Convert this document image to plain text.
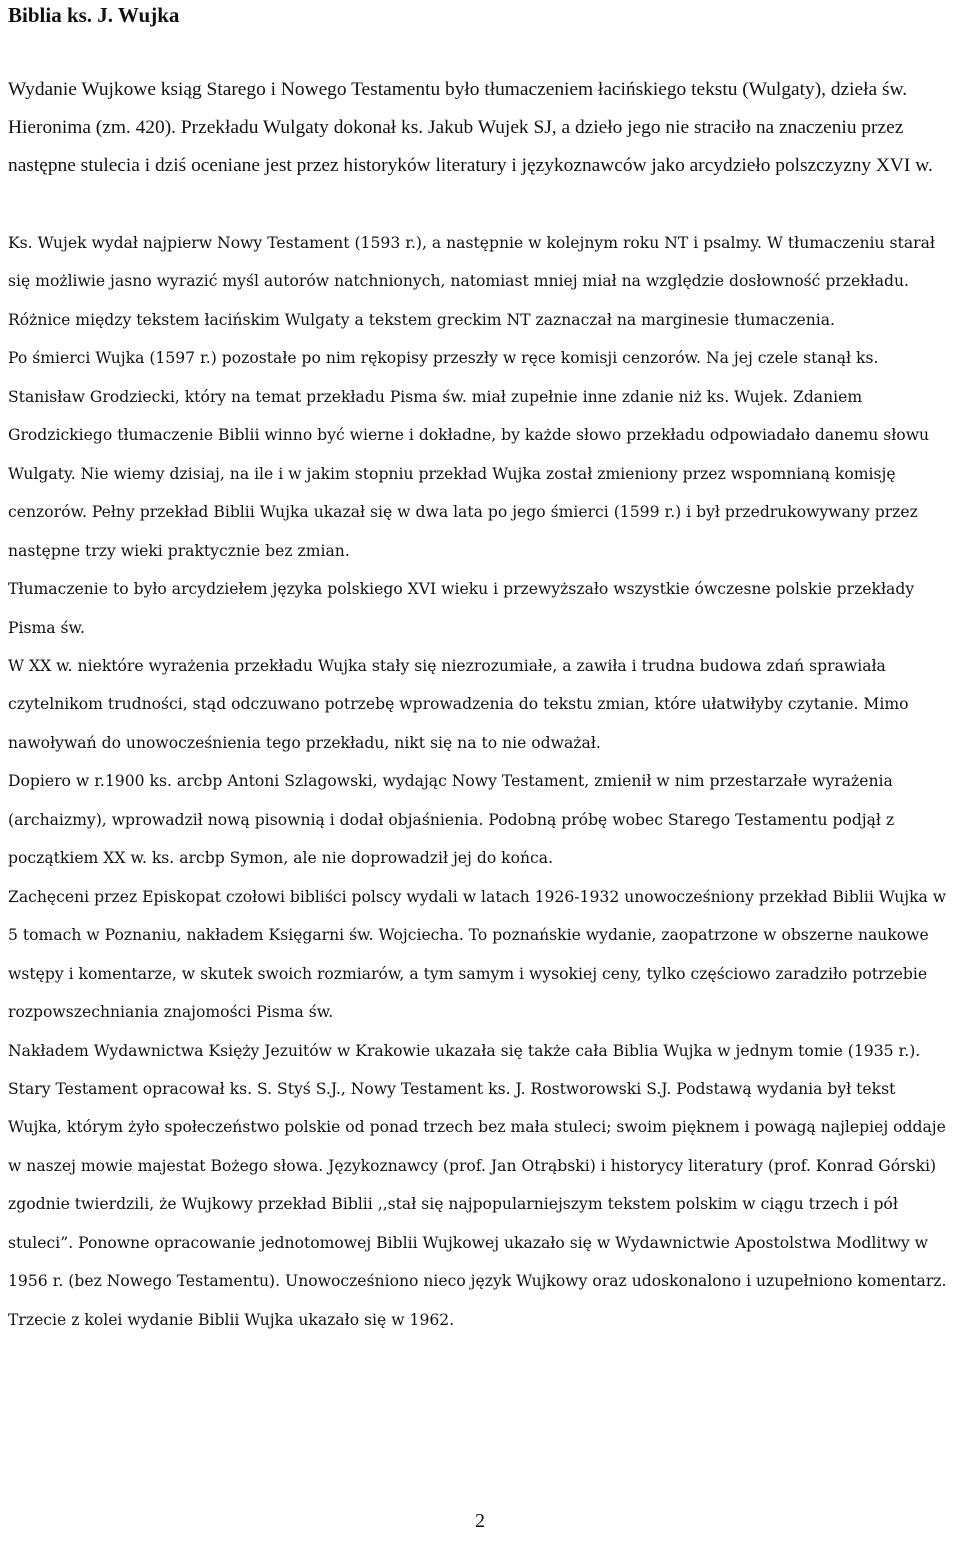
Biblia ks. J. Wujka

Wydanie Wujkowe ksiąg Starego i Nowego Testamentu było tłumaczeniem łacińskiego tekstu (Wulgaty), dzieła św. Hieronima (zm. 420). Przekładu Wulgaty dokonał ks. Jakub Wujek SJ, a dzieło jego nie straciło na znaczeniu przez następne stulecia i dziś oceniane jest przez historyków literatury i językoznawców jako arcydzieło polszczyzny XVI w.

Ks. Wujek wydał najpierw Nowy Testament (1593 r.), a następnie w kolejnym roku NT i psalmy. W tłumaczeniu starał się możliwie jasno wyrazić myśl autorów natchnionych, natomiast mniej miał na względzie dosłowność przekładu. Różnice między tekstem łacińskim Wulgaty a tekstem greckim NT zaznaczał na marginesie tłumaczenia.

Po śmierci Wujka (1597 r.) pozostałe po nim rękopisy przeszły w ręce komisji cenzorów. Na jej czele stanął ks. Stanisław Grodziecki, który na temat przekładu Pisma św. miał zupełnie inne zdanie niż ks. Wujek. Zdaniem Grodzickiego tłumaczenie Biblii winno być wierne i dokładne, by każde słowo przekładu odpowiadało danemu słowu Wulgaty. Nie wiemy dzisiaj, na ile i w jakim stopniu przekład Wujka został zmieniony przez wspomnianą komisję cenzorów. Pełny przekład Biblii Wujka ukazał się w dwa lata po jego śmierci (1599 r.) i był przedrukowywany przez następne trzy wieki praktycznie bez zmian.

Tłumaczenie to było arcydziełem języka polskiego XVI wieku i przewyższało wszystkie ówczesne polskie przekłady Pisma św.

W XX w. niektóre wyrażenia przekładu Wujka stały się niezrozumiałe, a zawiła i trudna budowa zdań sprawiała czytelnikom trudności, stąd odczuwano potrzebę wprowadzenia do tekstu zmian, które ułatwiłyby czytanie. Mimo nawoływań do unowocześnienia tego przekładu, nikt się na to nie odważał.

Dopiero w r.1900 ks. arcbp Antoni Szlagowski, wydając Nowy Testament, zmienił w nim przestarzałe wyrażenia (archaizmy), wprowadził nową pisownią i dodał objaśnienia. Podobną próbę wobec Starego Testamentu podjął z początkiem XX w. ks. arcbp Symon, ale nie doprowadził jej do końca.

Zachęceni przez Episkopat czołowi bibliści polscy wydali w latach 1926-1932 unowocześniony przekład Biblii Wujka w 5 tomach w Poznaniu, nakładem Księgarni św. Wojciecha. To poznańskie wydanie, zaopatrzone w obszerne naukowe wstępy i komentarze, w skutek swoich rozmiarów, a tym samym i wysokiej ceny, tylko częściowo zaradziło potrzebie rozpowszechniania znajomości Pisma św.

Nakładem Wydawnictwa Księży Jezuitów w Krakowie ukazała się także cała Biblia Wujka w jednym tomie (1935 r.). Stary Testament opracował ks. S. Styś S.J., Nowy Testament ks. J. Rostworowski S.J. Podstawą wydania był tekst Wujka, którym żyło społeczeństwo polskie od ponad trzech bez mała stuleci; swoim pięknem i powagą najlepiej oddaje w naszej mowie majestat Bożego słowa. Językoznawcy (prof. Jan Otrąbski) i historycy literatury (prof. Konrad Górski) zgodnie twierdzili, że Wujkowy przekład Biblii ,,stał się najpopularniejszym tekstem polskim w ciągu trzech i pół stuleci”. Ponowne opracowanie jednotomowej Biblii Wujkowej ukazało się w Wydawnictwie Apostolstwa Modlitwy w 1956 r. (bez Nowego Testamentu). Unowocześniono nieco język Wujkowy oraz udoskonalono i uzupełniono komentarz. Trzecie z kolei wydanie Biblii Wujka ukazało się w 1962.

2
